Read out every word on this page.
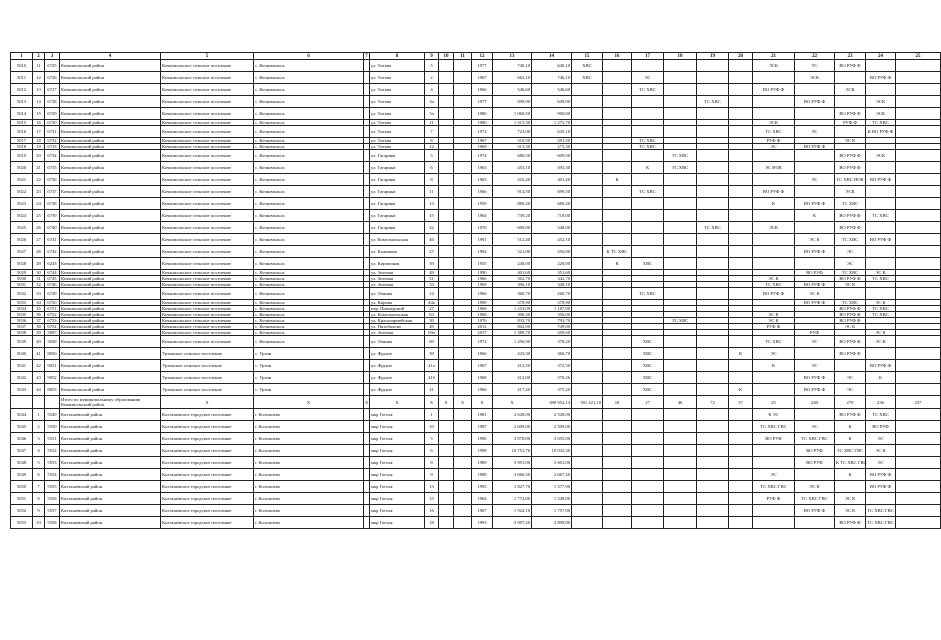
1	2	3	4	5	6	7	8	9	10	11	12	13	14	15	16	17	18	19	20	21	22	23	24	25
5010	11	6725	Кочкомольский район	Кочкомольское сельское поселение	с. Кочкомольск		ул. Титова	5			1977	740,10	640,10	ХВС						ЭСК	ТС	ВО РУФ Ф		
5011	12	6726	Кочкомольский район	Кочкомольское сельское поселение	с. Кочкомольск		ул. Титова	2			1967	665,10	746,10	ХВС		ЭС					ЭСК		ВО РУФ Ф	
5012	13	6727	Кочкомольский район	Кочкомольское сельское поселение	с. Кочкомольск		ул. Титова	4			1966	546,60	546,60			ТС ХВС				ВО РУФ Ф		ЭСК		
5013	14	6728	Кочкомольский район	Кочкомольское сельское поселение	с. Кочкомольск		ул. Титова	3а			1977	699,90	649,90					ТС ХВС			ВО РУФ Ф		ЭСК	
5014	15	6729	Кочкомольский район	Кочкомольское сельское поселение	с. Кочкомольск		ул. Титова	5а			1980	1 060,50	960,00									ВО РУФ Ф	ЭСК	
5015	16	6730	Кочкомольский район	Кочкомольское сельское поселение	с. Кочкомольск		ул. Титова	11			1980	1 315,30	1 273,70							ЭСК		РУФ Ф	ТС ХВС	
5016	17	6731	Кочкомольский район	Кочкомольское сельское поселение	с. Кочкомольск		ул. Титова	7			1972	723,00	645,10							ТС ХВС	ЭС		К ВО РУФ Ф	
5017	18	6732	Кочкомольский район	Кочкомольское сельское поселение	с. Кочкомольск		ул. Титова	8			1967	310,50	291,50			ТС ХВС				РУФ Ф		ЭС К		
5018	19	6733	Кочкомольский район	Кочкомольское сельское поселение	с. Кочкомольск		ул. Титова	12			1969	313,30	273,30			ТС ХВС				ЭС	ВО РУФ Ф			
5019	20	6734	Кочкомольский район	Кочкомольское сельское поселение	с. Кочкомольск		ул. Гагарина	5			1974	680,50	609,50				ТС ХВС					ВО РУФ Ф	ЭСК	
5020	21	6735	Кочкомольский район	Кочкомольское сельское поселение	с. Кочкомольск		ул. Гагарина	6			1963	453,10	393,30			К	ТС ХВС			ЭС НОК		ВО РУФ Ф		
5021	22	6736	Кочкомольский район	Кочкомольское сельское поселение	с. Кочкомольск		ул. Гагарина	8			1963	416,20	401,20		К						ЭС	ТС ХВС НОК	ВО РУФ Ф	
5022	23	6737	Кочкомольский район	Кочкомольское сельское поселение	с. Кочкомольск		ул. Гагарина	11			1966	914,50	699,50			ТС ХВС				ВО РУФ Ф		ЭСК		
5023	24	6738	Кочкомольский район	Кочкомольское сельское поселение	с. Кочкомольск		ул. Гагарина	13			1959	880,20	680,20							К	ВО РУФ Ф	ТС ХВС		
5024	25	6739	Кочкомольский район	Кочкомольское сельское поселение	с. Кочкомольск		ул. Гагарина	15			1964	739,20	718,00								К	ВО РУФ Ф	ТС ХВС	
5025	26	6740	Кочкомольский район	Кочкомольское сельское поселение	с. Кочкомольск		ул. Гагарина	22			1976	600,00	548,00					ТС ХВС		ЭСК		ВО РУФ Ф		
5026	27	6741	Кочкомольский район	Кочкомольское сельское поселение	с. Кочкомольск		ул. Комсомольская	46			1991	512,40	452,10								ЭС К	ТС ХВС	ВО РУФ Ф	
5027	28	6742	Кочкомольский район	Кочкомольское сельское поселение	с. Кочкомольск		ул. Калинина	27			1992	521,80	456,80		К ТС ХВС						ВО РУФ Ф	ЭС		
5028	29	6243	Кочкомольский район	Кочкомольское сельское поселение	с. Кочкомольск		ул. Кирпичная	39			1955	240,00	220,00		К	ХВС						ЭС		
5029	30	6744	Кочкомольский район	Кочкомольское сельское поселение	с. Кочкомольск		ул. Зеленая	49			1990	401,60	351,60								ВО РУФ	ТС ХВС	ЭС К	
5030	31	6745	Кочкомольский район	Кочкомольское сельское поселение	с. Кочкомольск		ул. Зеленая	51			1966	362,70	342,70							ЭС К		ВО РУФ Ф	ТС ХВС	
5031	32	6746	Кочкомольский район	Кочкомольское сельское поселение	с. Кочкомольск		ул. Зеленая	53			1969	396,10	348,10							ТС ХВС	ВО РУФ Ф	ЭС К		
5032	33	6749	Кочкомольский район	Кочкомольское сельское поселение	с. Кочкомольск		ул. Ленина	14			1966	360,70	260,70			ТС ХВС				ВО РУФ Ф	ЭС К			
5033	34	6750	Кочкомольский район	Кочкомольское сельское поселение	с. Кочкомольск		ул. Кирова	44а			1990	379,90	379,90								ВО РУФ Ф	ТС ХВС	ЭС К	
5034	35	6751	Кочкомольский район	Кочкомольское сельское поселение	с. Кочкомольск		пер. Пионерский	27			1968	1 253,09	1 187,00									ВО РУФ Ф	ТС ХВС	
5035	36	6752	Кочкомольский район	Кочкомольское сельское поселение	с. Кочкомольск		ул. Комсомольская	63			1968	396,30	356,00							ЭС К		ВО РУФ Ф	ТС ХВС	
5036	37	6753	Кочкомольский район	Кочкомольское сельское поселение	с. Кочкомольск		ул. Красноармейская	30			1976	833,70	793,70				ТС ХВС			ЭС К		ВО РУФ Ф		
5037	38	6754	Кочкомольский район	Кочкомольское сельское поселение	с. Кочкомольск		ул. Пятибалова	49			2012	802,00	749,00							РУФ Ф		ЭС К		
5038	39	3007	Кочкомольский район	Кочкомольское сельское поселение	с. Кочкомольск		ул. Зеленая	69а			2017	1 389,70	450,60								РУФ		ЭС К	
5039	40	3049	Кочкомольский район	Кочкомольское сельское поселение	с. Кочкомольск		ул. Ленина	69			1972	1 456,90	378,20			ХВС				ТС ХВС	ЭС	ВО РУФ Ф	ЭС К	
5040	41	8050	Кочкомольский район	Уртинское сельское поселение	с. Уртин		ул. Фрунзе	39			1966	423,30	366,70			ХВС			К	ЭС		ВО РУФ Ф		
5041	42	9051	Кочкомольский район	Уртинское сельское поселение	с. Уртин		ул. Фрунзе	41а			1967	412,50	372,50			ХВС				К	ЭС		ВО РУФ Ф	
5042	43	9052	Кочкомольский район	Уртинское сельское поселение	с. Уртин		ул. Фрунзе	41б			1968	412,00	370,26			ХВС					ВО РУФ Ф	ЭС	К	
5043	44	8053	Кочкомольский район	Уртинское сельское поселение	с. Уртин		ул. Фрунзе	41			1966	417,20	375,20			ХВС			К		ВО РУФ Ф	ЭС		
			Итого по муниципальному образованию Кочкомольский район	Х	Х	Х	Х	Х	Х	Х	Х	Х	490 954,14	391 421,10	18	27	46	72	37	25	240	270	236	237
5044	1	5549	Колташевский район	Колташевское городское поселение	г. Колташево		мкр Гоголя	1			1981	2 628,00	2 528,00							К ЭС		ВО РУФ Ф	ТС ХВС	
5045	2	5550	Колташевский район	Колташевское городское поселение	г. Колташево		мкр Гоголя	10			1987	2 609,00	2 509,00							ТС ХВС ГВС	ЭС	К	ВО РУФ	
5046	3	5551	Колташевский район	Колташевское городское поселение	г. Колташево		мкр Гоголя	5			1996	3 870,00	3 055,00							ВО РУФ	ТС ХВС ГВС	К	ЭС	
5047	4	5552	Колташевский район	Колташевское городское поселение	г. Колташево		мкр Гоголя	6			1998	10 751,76	10 032,30								ВО РУФ	ТС ХВС ГВС	ЭС К	
5048	5	5553	Колташевский район	Колташевское городское поселение	г. Колташево		мкр Гоголя	8			1989	5 991,00	5 601,00								ВО РУФ	К ТС ХВС ГВС	ЭС	
5049	6	5554	Колташевский район	Колташевское городское поселение	г. Колташево		мкр Гоголя	9			1988	3 666,50	2 667,20							ЭС		К	ВО РУФ Ф	
5050	7	5555	Колташевский район	Колташевское городское поселение	г. Колташево		мкр Гоголя	13			1995	1 827,70	1 377,90							ТС ХВС ГВС	ЭС К		ВО РУФ Ф	
5051	8	5556	Колташевский район	Колташевское городское поселение	г. Колташево		мкр Гоголя	15			1964	1 772,00	1 548,00							РУФ Ф	ТС ХВС ГВС	ЭС К		
5052	9	5557	Колташевский район	Колташевское городское поселение	г. Колташево		мкр Гоголя	16			1967	1 924,10	1 757,90								ВО РУФ Ф	ЭС К	ТС ХВС ГВС	
5053	10	5558	Колташевский район	Колташевское городское поселение	г. Колташево		мкр Гоголя	18			1993	3 997,20	2 899,80									ВО РУФ Ф	ТС ХВС ГВС	
